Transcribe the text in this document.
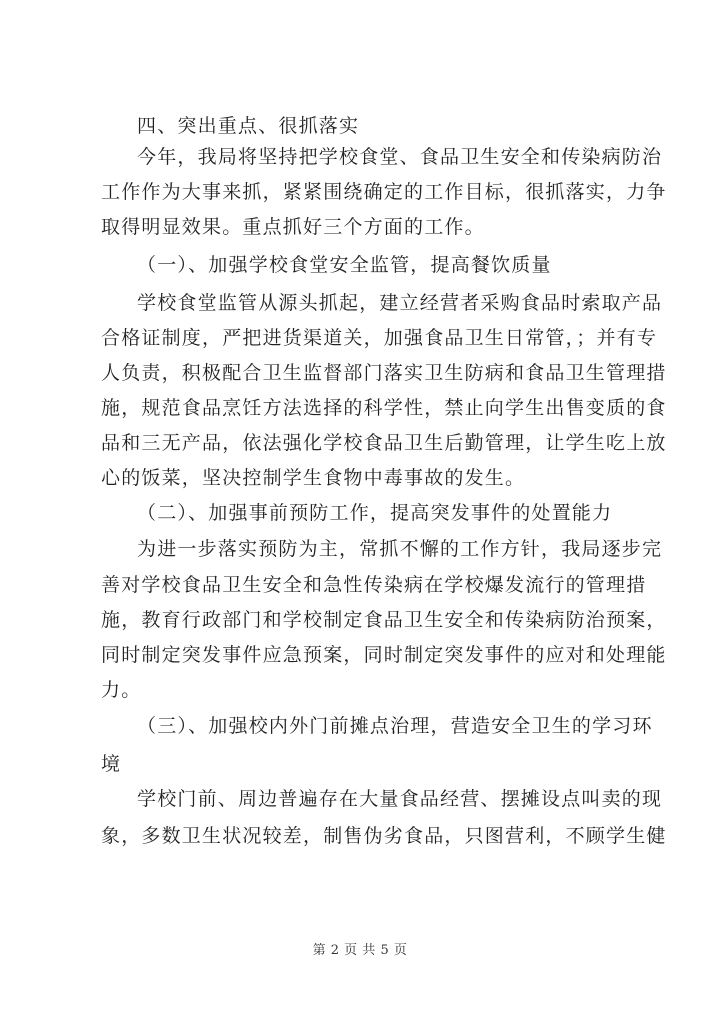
四、突出重点、很抓落实
今年，我局将坚持把学校食堂、食品卫生安全和传染病防治
工作作为大事来抓，紧紧围绕确定的工作目标，很抓落实，力争
取得明显效果。重点抓好三个方面的工作。
（一）、加强学校食堂安全监管，提高餐饮质量
学校食堂监管从源头抓起，建立经营者采购食品时索取产品
合格证制度，严把进货渠道关，加强食品卫生日常管，；并有专
人负责，积极配合卫生监督部门落实卫生防病和食品卫生管理措
施，规范食品烹饪方法选择的科学性，禁止向学生出售变质的食
品和三无产品，依法强化学校食品卫生后勤管理，让学生吃上放
心的饭菜，坚决控制学生食物中毒事故的发生。
（二）、加强事前预防工作，提高突发事件的处置能力
为进一步落实预防为主，常抓不懈的工作方针，我局逐步完
善对学校食品卫生安全和急性传染病在学校爆发流行的管理措
施，教育行政部门和学校制定食品卫生安全和传染病防治预案，
同时制定突发事件应急预案，同时制定突发事件的应对和处理能
力。
（三）、加强校内外门前摊点治理，营造安全卫生的学习环
境
学校门前、周边普遍存在大量食品经营、摆摊设点叫卖的现
象，多数卫生状况较差，制售伪劣食品，只图营利，不顾学生健
第 2 页 共 5 页
